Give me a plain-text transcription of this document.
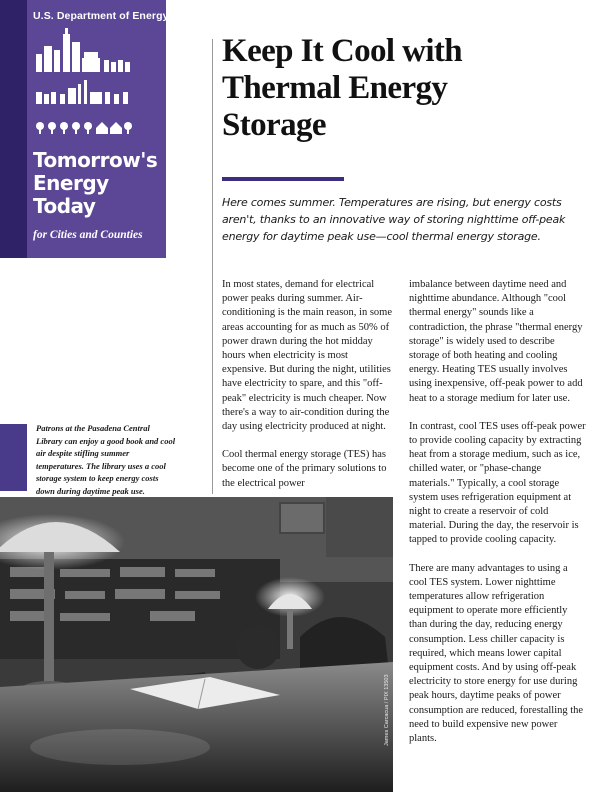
U.S. Department of Energy
Tomorrow's
Energy
Today
for Cities and Counties
Keep It Cool with
Thermal Energy
Storage

Here comes summer. Temperatures are rising, but energy costs aren't, thanks to an innovative way of storing nighttime off-peak energy for daytime peak use—cool thermal energy storage.

In most states, demand for electrical power peaks during summer. Air-conditioning is the main reason, in some areas accounting for as much as 50% of power drawn during the hot midday hours when electricity is most expensive. But during the night, utilities have electricity to spare, and this "off-peak" electricity is much cheaper. Now there's a way to air-condition during the day using electricity produced at night.

Cool thermal energy storage (TES) has become one of the primary solutions to the electrical power

imbalance between daytime need and nighttime abundance. Although "cool thermal energy" sounds like a contradiction, the phrase "thermal energy storage" is widely used to describe storage of both heating and cooling energy. Heating TES usually involves using inexpensive, off-peak power to add heat to a storage medium for later use.

In contrast, cool TES uses off-peak power to provide cooling capacity by extracting heat from a storage medium, such as ice, chilled water, or "phase-change materials." Typically, a cool storage system uses refrigeration equipment at night to create a reservoir of cold material. During the day, the reservoir is tapped to provide cooling capacity.

There are many advantages to using a cool TES system. Lower nighttime temperatures allow refrigeration equipment to operate more efficiently than during the day, reducing energy consumption. Less chiller capacity is required, which means lower capital equipment costs. And by using off-peak electricity to store energy for use during peak hours, daytime peaks of power consumption are reduced, forestalling the need to build expensive new power plants.

Patrons at the Pasadena Central Library can enjoy a good book and cool air despite stifling summer temperatures. The library uses a cool storage system to keep energy costs down during daytime peak use.

James Carcacua / PIX 13503
